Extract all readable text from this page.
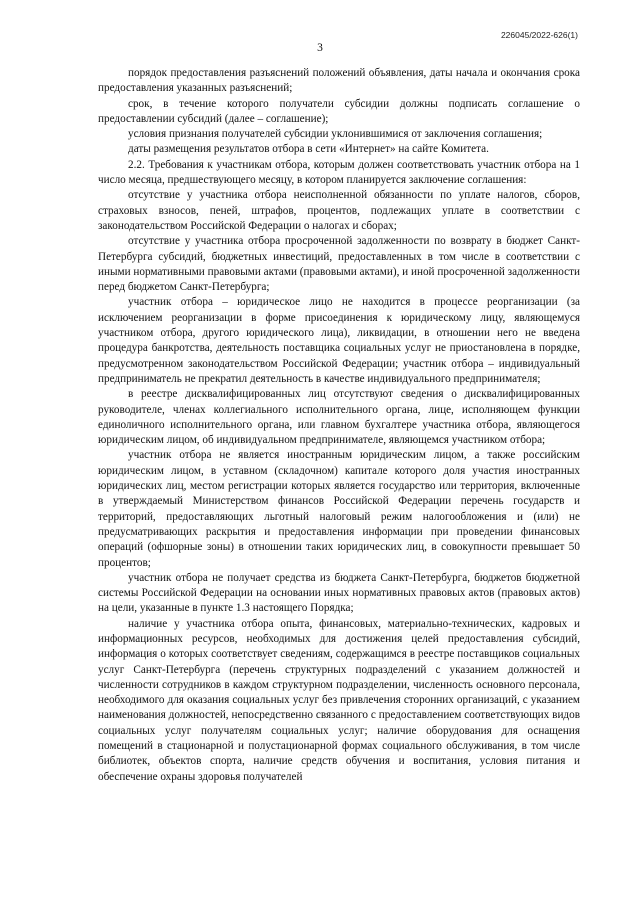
226045/2022-626(1)
3

порядок предоставления разъяснений положений объявления, даты начала и окончания срока предоставления указанных разъяснений;

срок, в течение которого получатели субсидии должны подписать соглашение о предоставлении субсидий (далее – соглашение);

условия признания получателей субсидии уклонившимися от заключения соглашения;

даты размещения результатов отбора в сети «Интернет» на сайте Комитета.

2.2. Требования к участникам отбора, которым должен соответствовать участник отбора на 1 число месяца, предшествующего месяцу, в котором планируется заключение соглашения:

отсутствие у участника отбора неисполненной обязанности по уплате налогов, сборов, страховых взносов, пеней, штрафов, процентов, подлежащих уплате в соответствии с законодательством Российской Федерации о налогах и сборах;

отсутствие у участника отбора просроченной задолженности по возврату в бюджет Санкт-Петербурга субсидий, бюджетных инвестиций, предоставленных в том числе в соответствии с иными нормативными правовыми актами (правовыми актами), и иной просроченной задолженности перед бюджетом Санкт-Петербурга;

участник отбора – юридическое лицо не находится в процессе реорганизации (за исключением реорганизации в форме присоединения к юридическому лицу, являющемуся участником отбора, другого юридического лица), ликвидации, в отношении него не введена процедура банкротства, деятельность поставщика социальных услуг не приостановлена в порядке, предусмотренном законодательством Российской Федерации; участник отбора – индивидуальный предприниматель не прекратил деятельность в качестве индивидуального предпринимателя;

в реестре дисквалифицированных лиц отсутствуют сведения о дисквалифицированных руководителе, членах коллегиального исполнительного органа, лице, исполняющем функции единоличного исполнительного органа, или главном бухгалтере участника отбора, являющегося юридическим лицом, об индивидуальном предпринимателе, являющемся участником отбора;

участник отбора не является иностранным юридическим лицом, а также российским юридическим лицом, в уставном (складочном) капитале которого доля участия иностранных юридических лиц, местом регистрации которых является государство или территория, включенные в утверждаемый Министерством финансов Российской Федерации перечень государств и территорий, предоставляющих льготный налоговый режим налогообложения и (или) не предусматривающих раскрытия и предоставления информации при проведении финансовых операций (офшорные зоны) в отношении таких юридических лиц, в совокупности превышает 50 процентов;

участник отбора не получает средства из бюджета Санкт-Петербурга, бюджетов бюджетной системы Российской Федерации на основании иных нормативных правовых актов (правовых актов) на цели, указанные в пункте 1.3 настоящего Порядка;

наличие у участника отбора опыта, финансовых, материально-технических, кадровых и информационных ресурсов, необходимых для достижения целей предоставления субсидий, информация о которых соответствует сведениям, содержащимся в реестре поставщиков социальных услуг Санкт-Петербурга (перечень структурных подразделений с указанием должностей и численности сотрудников в каждом структурном подразделении, численность основного персонала, необходимого для оказания социальных услуг без привлечения сторонних организаций, с указанием наименования должностей, непосредственно связанного с предоставлением соответствующих видов социальных услуг получателям социальных услуг; наличие оборудования для оснащения помещений в стационарной и полустационарной формах социального обслуживания, в том числе библиотек, объектов спорта, наличие средств обучения и воспитания, условия питания и обеспечение охраны здоровья получателей
